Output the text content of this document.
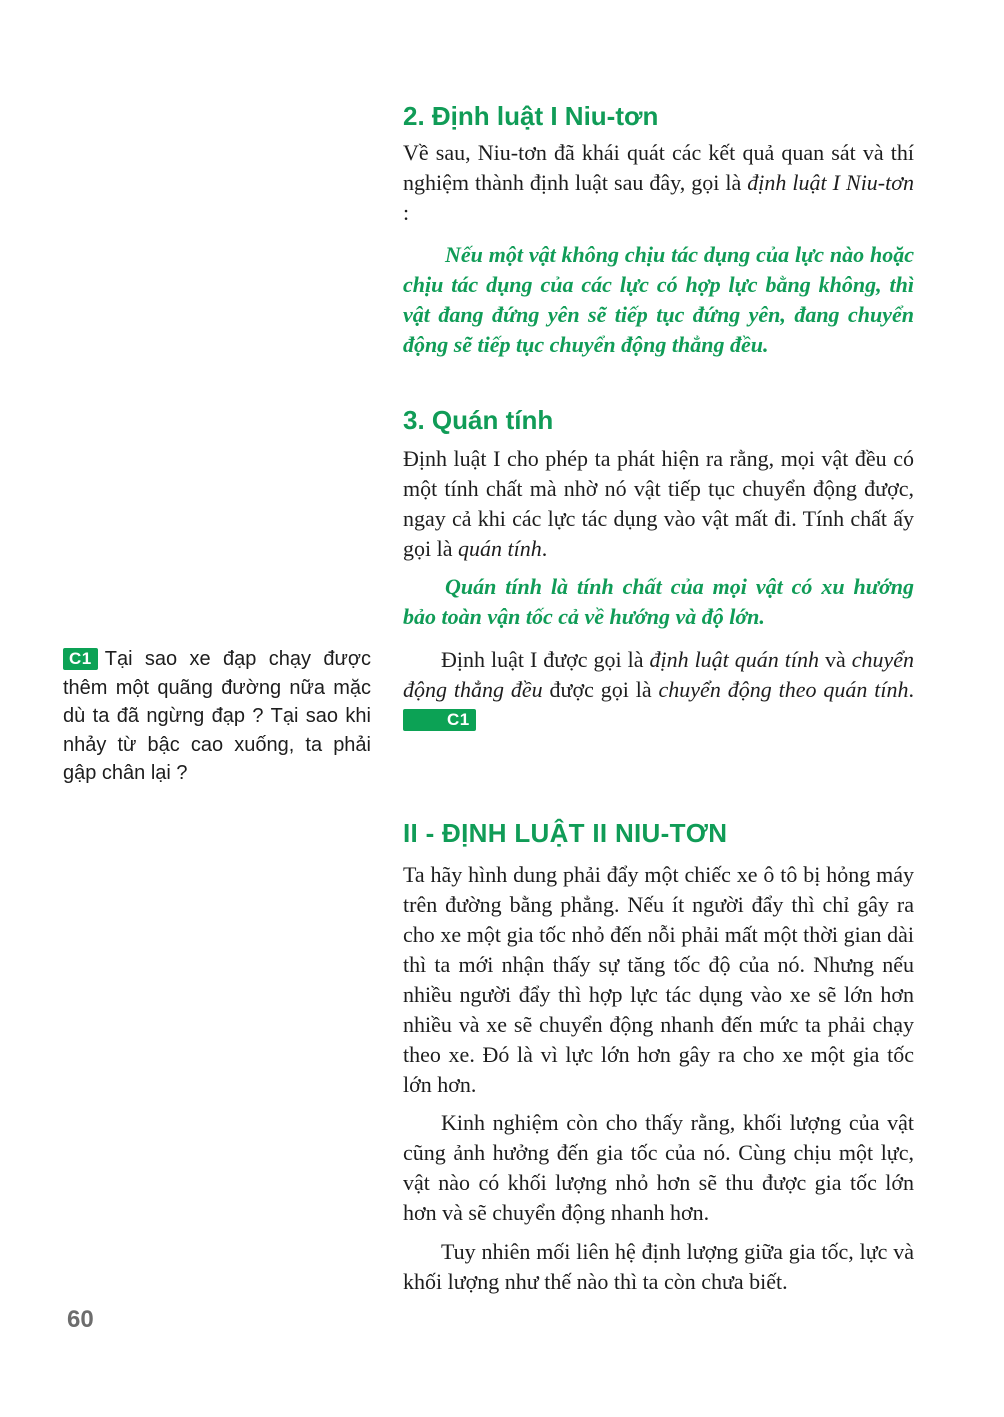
C1 Tại sao xe đạp chạy được thêm một quãng đường nữa mặc dù ta đã ngừng đạp ? Tại sao khi nhảy từ bậc cao xuống, ta phải gập chân lại ?
2. Định luật I Niu-tơn

Về sau, Niu-tơn đã khái quát các kết quả quan sát và thí nghiệm thành định luật sau đây, gọi là định luật I Niu-tơn :

Nếu một vật không chịu tác dụng của lực nào hoặc chịu tác dụng của các lực có hợp lực bằng không, thì vật đang đứng yên sẽ tiếp tục đứng yên, đang chuyển động sẽ tiếp tục chuyển động thẳng đều.

3. Quán tính

Định luật I cho phép ta phát hiện ra rằng, mọi vật đều có một tính chất mà nhờ nó vật tiếp tục chuyển động được, ngay cả khi các lực tác dụng vào vật mất đi. Tính chất ấy gọi là quán tính.

Quán tính là tính chất của mọi vật có xu hướng bảo toàn vận tốc cả về hướng và độ lớn.

Định luật I được gọi là định luật quán tính và chuyển động thẳng đều được gọi là chuyển động theo quán tính. C1

II - ĐỊNH LUẬT II NIU-TƠN

Ta hãy hình dung phải đẩy một chiếc xe ô tô bị hỏng máy trên đường bằng phẳng. Nếu ít người đẩy thì chỉ gây ra cho xe một gia tốc nhỏ đến nỗi phải mất một thời gian dài thì ta mới nhận thấy sự tăng tốc độ của nó. Nhưng nếu nhiều người đẩy thì hợp lực tác dụng vào xe sẽ lớn hơn nhiều và xe sẽ chuyển động nhanh đến mức ta phải chạy theo xe. Đó là vì lực lớn hơn gây ra cho xe một gia tốc lớn hơn.

Kinh nghiệm còn cho thấy rằng, khối lượng của vật cũng ảnh hưởng đến gia tốc của nó. Cùng chịu một lực, vật nào có khối lượng nhỏ hơn sẽ thu được gia tốc lớn hơn và sẽ chuyển động nhanh hơn.

Tuy nhiên mối liên hệ định lượng giữa gia tốc, lực và khối lượng như thế nào thì ta còn chưa biết.

60
